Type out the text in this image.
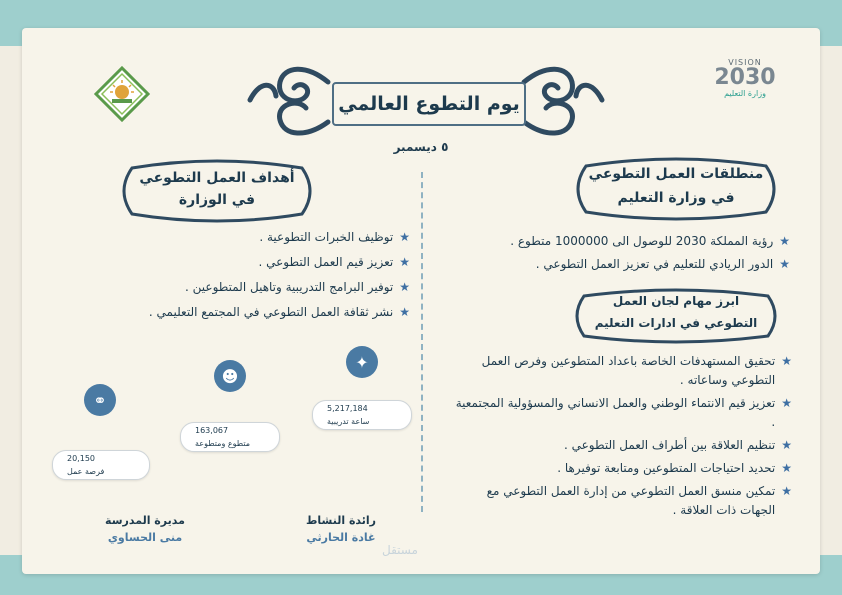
VISION
2030
وزارة التعليم
يوم التطوع العالمي
٥ ديسمبر
أهداف العمل التطوعي
في الوزارة
منطلقات العمل التطوعي
في وزارة التعليم
★
توظيف الخبرات التطوعية .
★
تعزيز قيم العمل التطوعي .
★
توفير البرامج التدريبية وتاهيل المتطوعين .
★
نشر ثقافة العمل التطوعي في المجتمع التعليمي .
★
رؤية المملكة 2030 للوصول الى 1000000 متطوع .
★
الدور الريادي للتعليم في تعزيز العمل التطوعي .
ابرز مهام لجان العمل
التطوعي في ادارات التعليم
★
تحقيق المستهدفات الخاصة باعداد المتطوعين وفرص العمل التطوعي وساعاته .
★
تعزيز قيم الانتماء الوطني والعمل الانساني والمسؤولية المجتمعية .
★
تنظيم العلاقة بين أطراف العمل التطوعي .
★
تحديد احتياجات المتطوعين ومتابعة توفيرها .
★
تمكين منسق العمل التطوعي من إدارة العمل التطوعي مع الجهات ذات العلاقة .
✦
☻
⚭	5,217,184
ساعة تدريبية
163,067
متطوع ومتطوعة
20,150
فرصة عمل
مديرة المدرسة
منى الحساوي
رائدة النشاط
غادة الحارثي
مستقل
